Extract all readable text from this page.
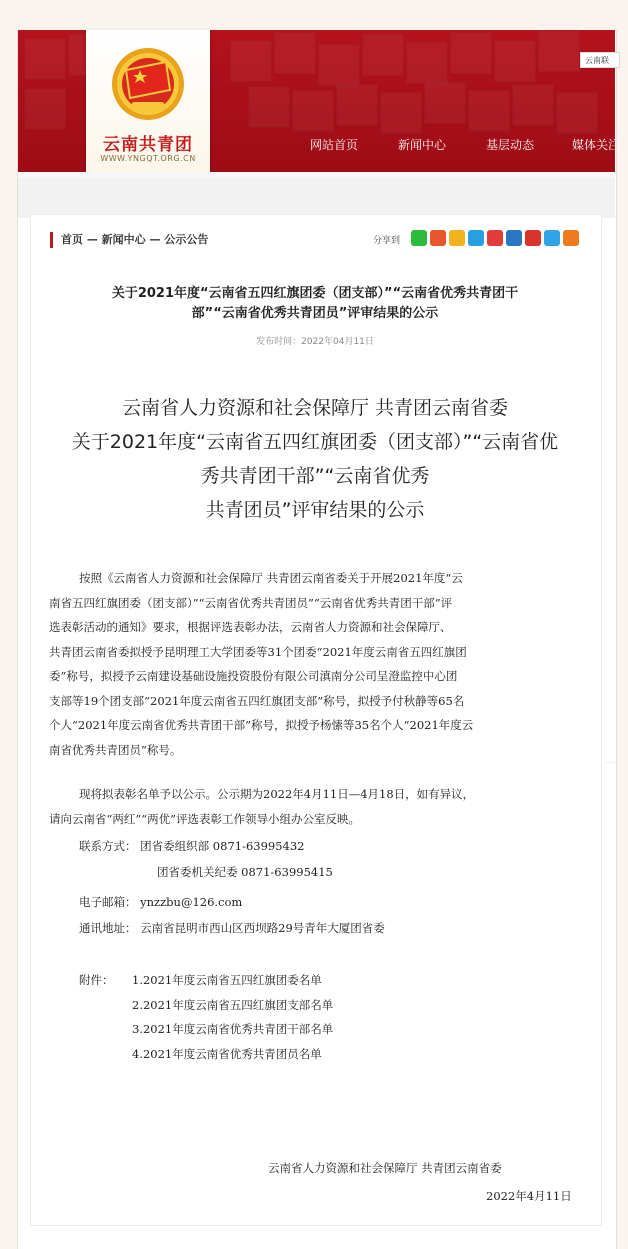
云南联
云南共青团
WWW.YNGQT.ORG.CN
网站首页	新闻中心	基层动态	媒体关注
首页 — 新闻中心 — 公示公告	分享到
关于2021年度“云南省五四红旗团委（团支部）”“云南省优秀共青团干
部”“云南省优秀共青团员”评审结果的公示
发布时间：2022年04月11日
云南省人力资源和社会保障厅 共青团云南省委
关于2021年度“云南省五四红旗团委（团支部）”“云南省优
秀共青团干部”“云南省优秀
共青团员”评审结果的公示
按照《云南省人力资源和社会保障厅 共青团云南省委关于开展2021年度“云
南省五四红旗团委（团支部）”“云南省优秀共青团员”“云南省优秀共青团干部”评
选表彰活动的通知》要求，根据评选表彰办法，云南省人力资源和社会保障厅、
共青团云南省委拟授予昆明理工大学团委等31个团委“2021年度云南省五四红旗团
委”称号，拟授予云南建设基础设施投资股份有限公司滇南分公司呈澄监控中心团
支部等19个团支部“2021年度云南省五四红旗团支部”称号，拟授予付秋静等65名
个人“2021年度云南省优秀共青团干部”称号，拟授予杨愫等35名个人“2021年度云
南省优秀共青团员”称号。
现将拟表彰名单予以公示。公示期为2022年4月11日—4月18日，如有异议，
请向云南省“两红”“两优”评选表彰工作领导小组办公室反映。
联系方式： 团省委组织部 0871-63995432
团省委机关纪委 0871-63995415
电子邮箱： ynzzbu@126.com
通讯地址： 云南省昆明市西山区西坝路29号青年大厦团省委
附件： 1.2021年度云南省五四红旗团委名单
2.2021年度云南省五四红旗团支部名单
3.2021年度云南省优秀共青团干部名单
4.2021年度云南省优秀共青团员名单
云南省人力资源和社会保障厅 共青团云南省委
2022年4月11日
